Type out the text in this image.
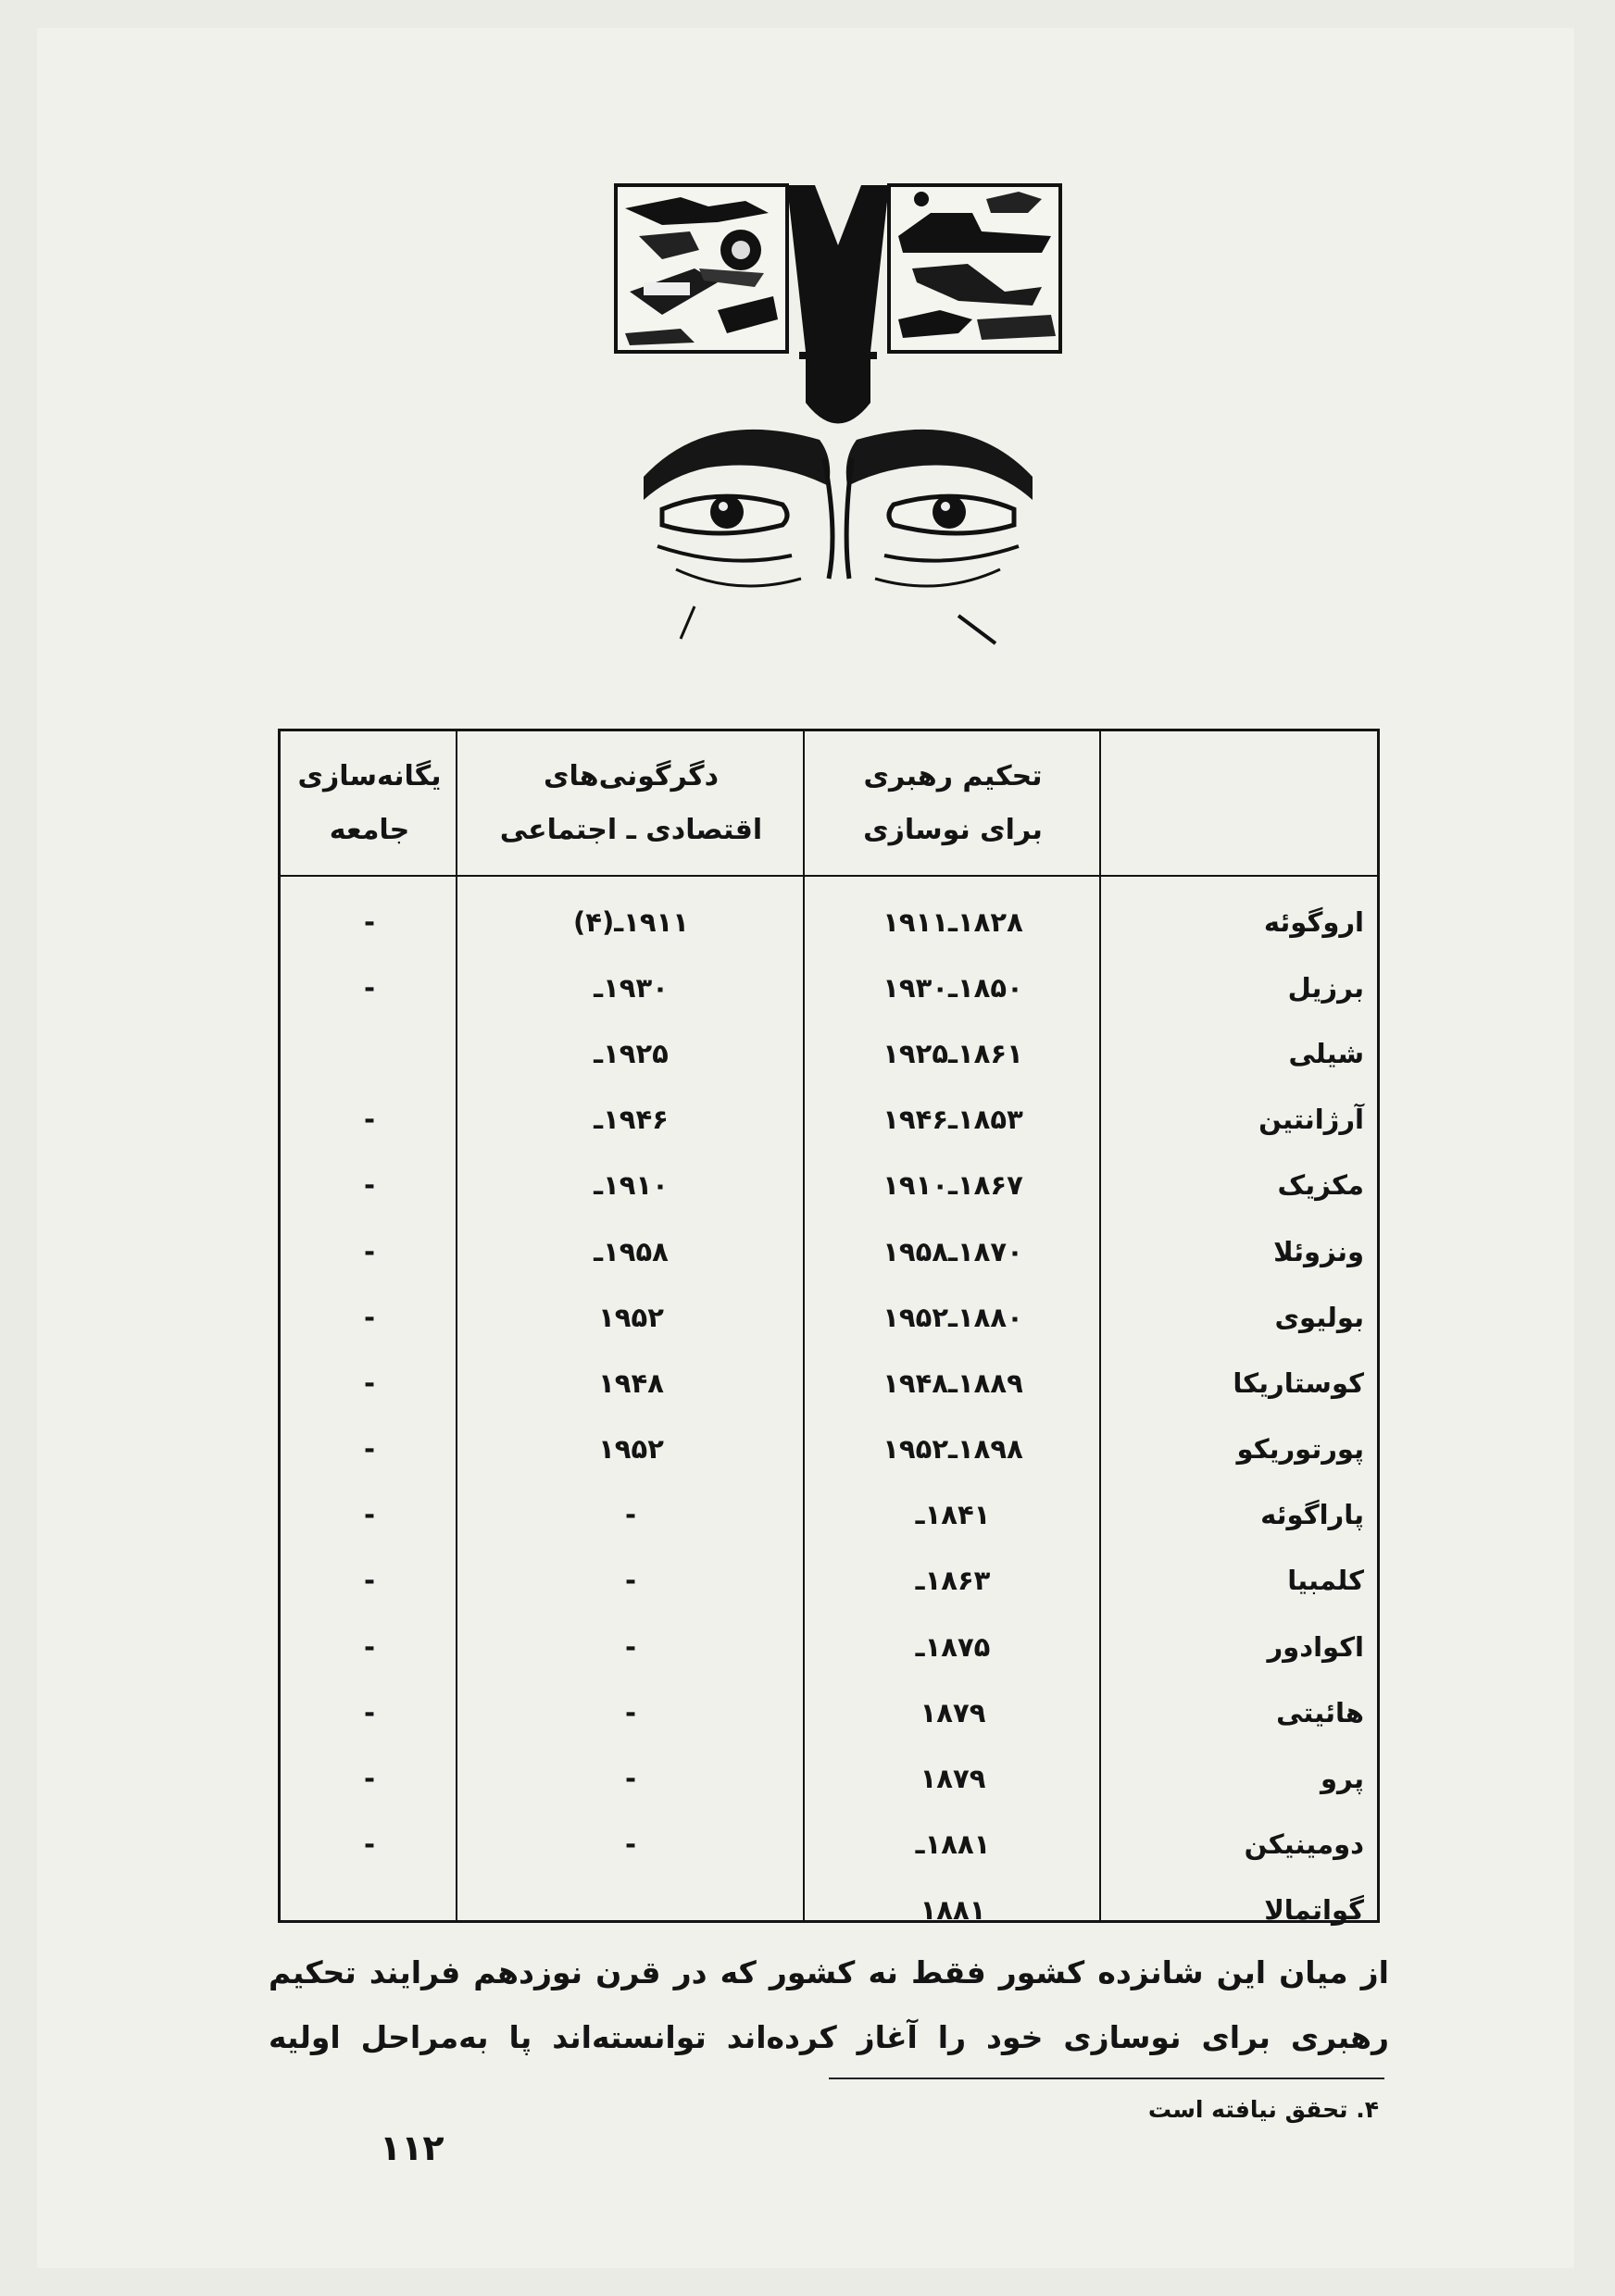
تحکیم رهبری
برای نوسازی
دگرگونی‌های
اقتصادی ـ اجتماعی
یگانه‌سازی
جامعه
اروگوئه
۱۸۲۸ـ۱۹۱۱
۱۹۱۱ـ(۴)
-
برزیل
۱۸۵۰ـ۱۹۳۰
۱۹۳۰ـ
-
شیلی
۱۸۶۱ـ۱۹۲۵
۱۹۲۵ـ
آرژانتین
۱۸۵۳ـ۱۹۴۶
۱۹۴۶ـ
-
مکزیک
۱۸۶۷ـ۱۹۱۰
۱۹۱۰ـ
-
ونزوئلا
۱۸۷۰ـ۱۹۵۸
۱۹۵۸ـ
-
بولیوی
۱۸۸۰ـ۱۹۵۲
۱۹۵۲
-
کوستاریکا
۱۸۸۹ـ۱۹۴۸
۱۹۴۸
-
پورتوریکو
۱۸۹۸ـ۱۹۵۲
۱۹۵۲
-
پاراگوئه
۱۸۴۱ـ
-
-
کلمبیا
۱۸۶۳ـ
-
-
اکوادور
۱۸۷۵ـ
-
-
هائیتی
۱۸۷۹
-
-
پرو
۱۸۷۹
-
-
دومینیکن
۱۸۸۱ـ
-
-
گواتمالا
۱۸۸۱

از میان این شانزده کشور فقط نه کشور که در قرن نوزدهم فرایند تحکیم

رهبری برای نوسازی خود را آغاز کرده‌اند توانسته‌اند پا به‌مراحل اولیه

۴. تحقق نیافته است
۱۱۲
